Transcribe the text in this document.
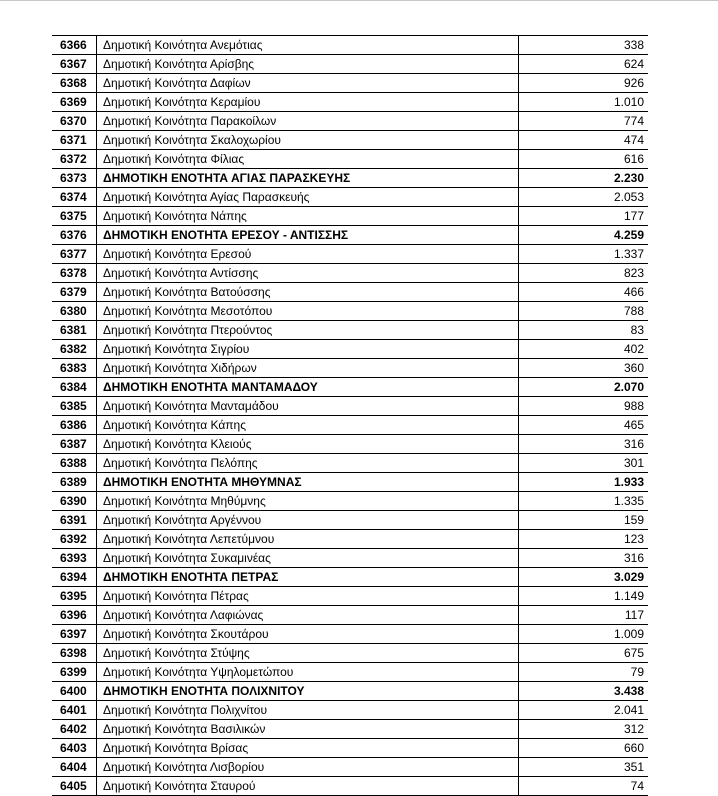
6366	Δημοτική Κοινότητα Ανεμότιας	338
6367	Δημοτική Κοινότητα Αρίσβης	624
6368	Δημοτική Κοινότητα Δαφίων	926
6369	Δημοτική Κοινότητα Κεραμίου	1.010
6370	Δημοτική Κοινότητα Παρακοίλων	774
6371	Δημοτική Κοινότητα Σκαλοχωρίου	474
6372	Δημοτική Κοινότητα Φίλιας	616
6373	ΔΗΜΟΤΙΚΗ ΕΝΟΤΗΤΑ ΑΓΙΑΣ ΠΑΡΑΣΚΕΥΗΣ	2.230
6374	Δημοτική Κοινότητα Αγίας Παρασκευής	2.053
6375	Δημοτική Κοινότητα Νάπης	177
6376	ΔΗΜΟΤΙΚΗ ΕΝΟΤΗΤΑ ΕΡΕΣΟΥ - ΑΝΤΙΣΣΗΣ	4.259
6377	Δημοτική Κοινότητα Ερεσού	1.337
6378	Δημοτική Κοινότητα Αντίσσης	823
6379	Δημοτική Κοινότητα Βατούσσης	466
6380	Δημοτική Κοινότητα Μεσοτόπου	788
6381	Δημοτική Κοινότητα Πτερούντος	83
6382	Δημοτική Κοινότητα Σιγρίου	402
6383	Δημοτική Κοινότητα Χιδήρων	360
6384	ΔΗΜΟΤΙΚΗ ΕΝΟΤΗΤΑ ΜΑΝΤΑΜΑΔΟΥ	2.070
6385	Δημοτική Κοινότητα Μανταμάδου	988
6386	Δημοτική Κοινότητα Κάπης	465
6387	Δημοτική Κοινότητα Κλειούς	316
6388	Δημοτική Κοινότητα Πελόπης	301
6389	ΔΗΜΟΤΙΚΗ ΕΝΟΤΗΤΑ ΜΗΘΥΜΝΑΣ	1.933
6390	Δημοτική Κοινότητα Μηθύμνης	1.335
6391	Δημοτική Κοινότητα Αργέννου	159
6392	Δημοτική Κοινότητα Λεπετύμνου	123
6393	Δημοτική Κοινότητα Συκαμινέας	316
6394	ΔΗΜΟΤΙΚΗ ΕΝΟΤΗΤΑ ΠΕΤΡΑΣ	3.029
6395	Δημοτική Κοινότητα Πέτρας	1.149
6396	Δημοτική Κοινότητα Λαφιώνας	117
6397	Δημοτική Κοινότητα Σκουτάρου	1.009
6398	Δημοτική Κοινότητα Στύψης	675
6399	Δημοτική Κοινότητα Υψηλομετώπου	79
6400	ΔΗΜΟΤΙΚΗ ΕΝΟΤΗΤΑ ΠΟΛΙΧΝΙΤΟΥ	3.438
6401	Δημοτική Κοινότητα Πολιχνίτου	2.041
6402	Δημοτική Κοινότητα Βασιλικών	312
6403	Δημοτική Κοινότητα Βρίσας	660
6404	Δημοτική Κοινότητα Λισβορίου	351
6405	Δημοτική Κοινότητα Σταυρού	74
